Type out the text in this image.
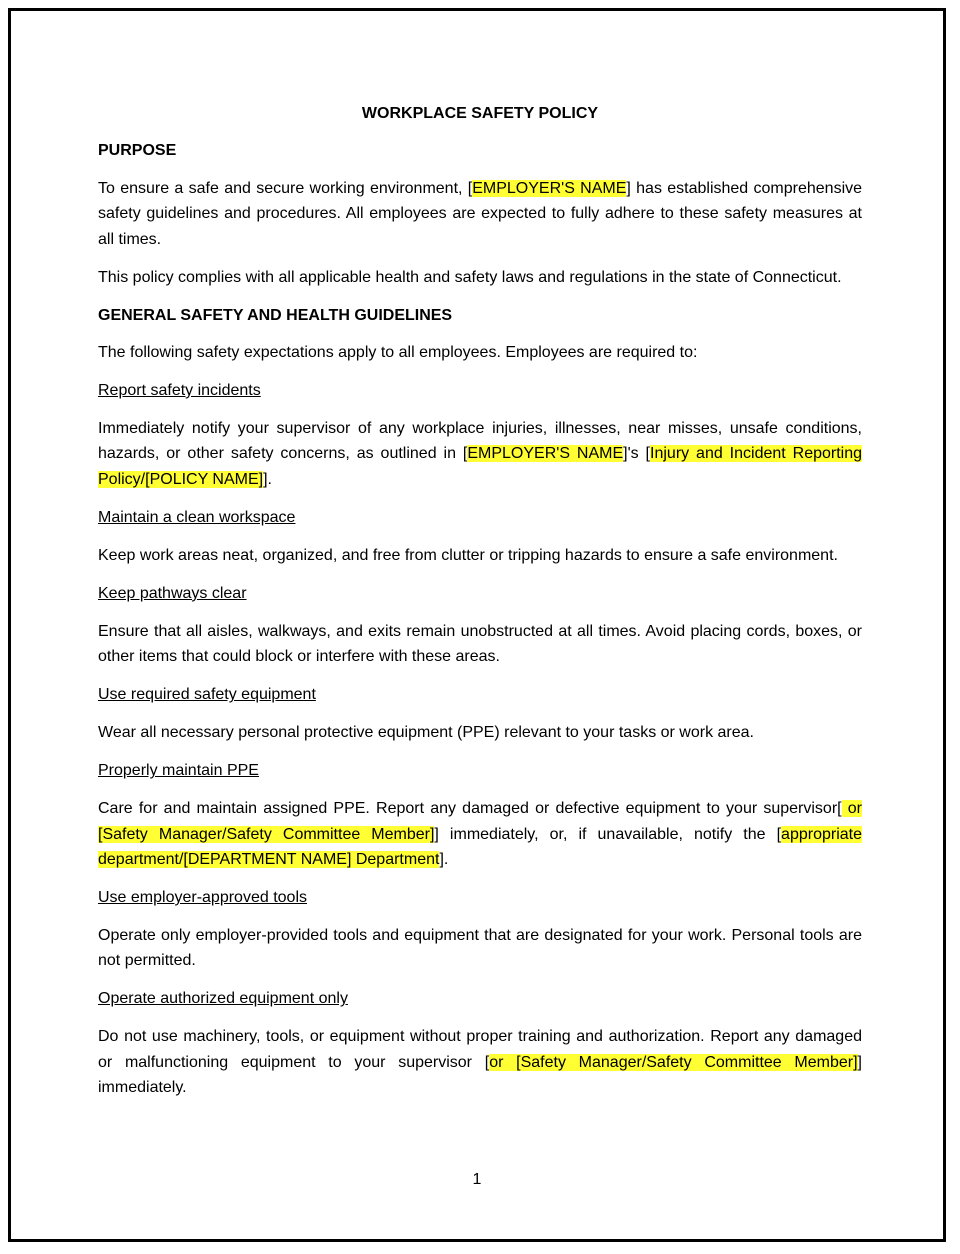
WORKPLACE SAFETY POLICY
PURPOSE
To ensure a safe and secure working environment, [EMPLOYER'S NAME] has established comprehensive safety guidelines and procedures. All employees are expected to fully adhere to these safety measures at all times.
This policy complies with all applicable health and safety laws and regulations in the state of Connecticut.
GENERAL SAFETY AND HEALTH GUIDELINES
The following safety expectations apply to all employees. Employees are required to:
Report safety incidents
Immediately notify your supervisor of any workplace injuries, illnesses, near misses, unsafe conditions, hazards, or other safety concerns, as outlined in [EMPLOYER'S NAME]'s [Injury and Incident Reporting Policy/[POLICY NAME]].
Maintain a clean workspace
Keep work areas neat, organized, and free from clutter or tripping hazards to ensure a safe environment.
Keep pathways clear
Ensure that all aisles, walkways, and exits remain unobstructed at all times. Avoid placing cords, boxes, or other items that could block or interfere with these areas.
Use required safety equipment
Wear all necessary personal protective equipment (PPE) relevant to your tasks or work area.
Properly maintain PPE
Care for and maintain assigned PPE. Report any damaged or defective equipment to your supervisor[ or [Safety Manager/Safety Committee Member]] immediately, or, if unavailable, notify the [appropriate department/[DEPARTMENT NAME] Department].
Use employer-approved tools
Operate only employer-provided tools and equipment that are designated for your work. Personal tools are not permitted.
Operate authorized equipment only
Do not use machinery, tools, or equipment without proper training and authorization. Report any damaged or malfunctioning equipment to your supervisor [or [Safety Manager/Safety Committee Member]] immediately.
1
